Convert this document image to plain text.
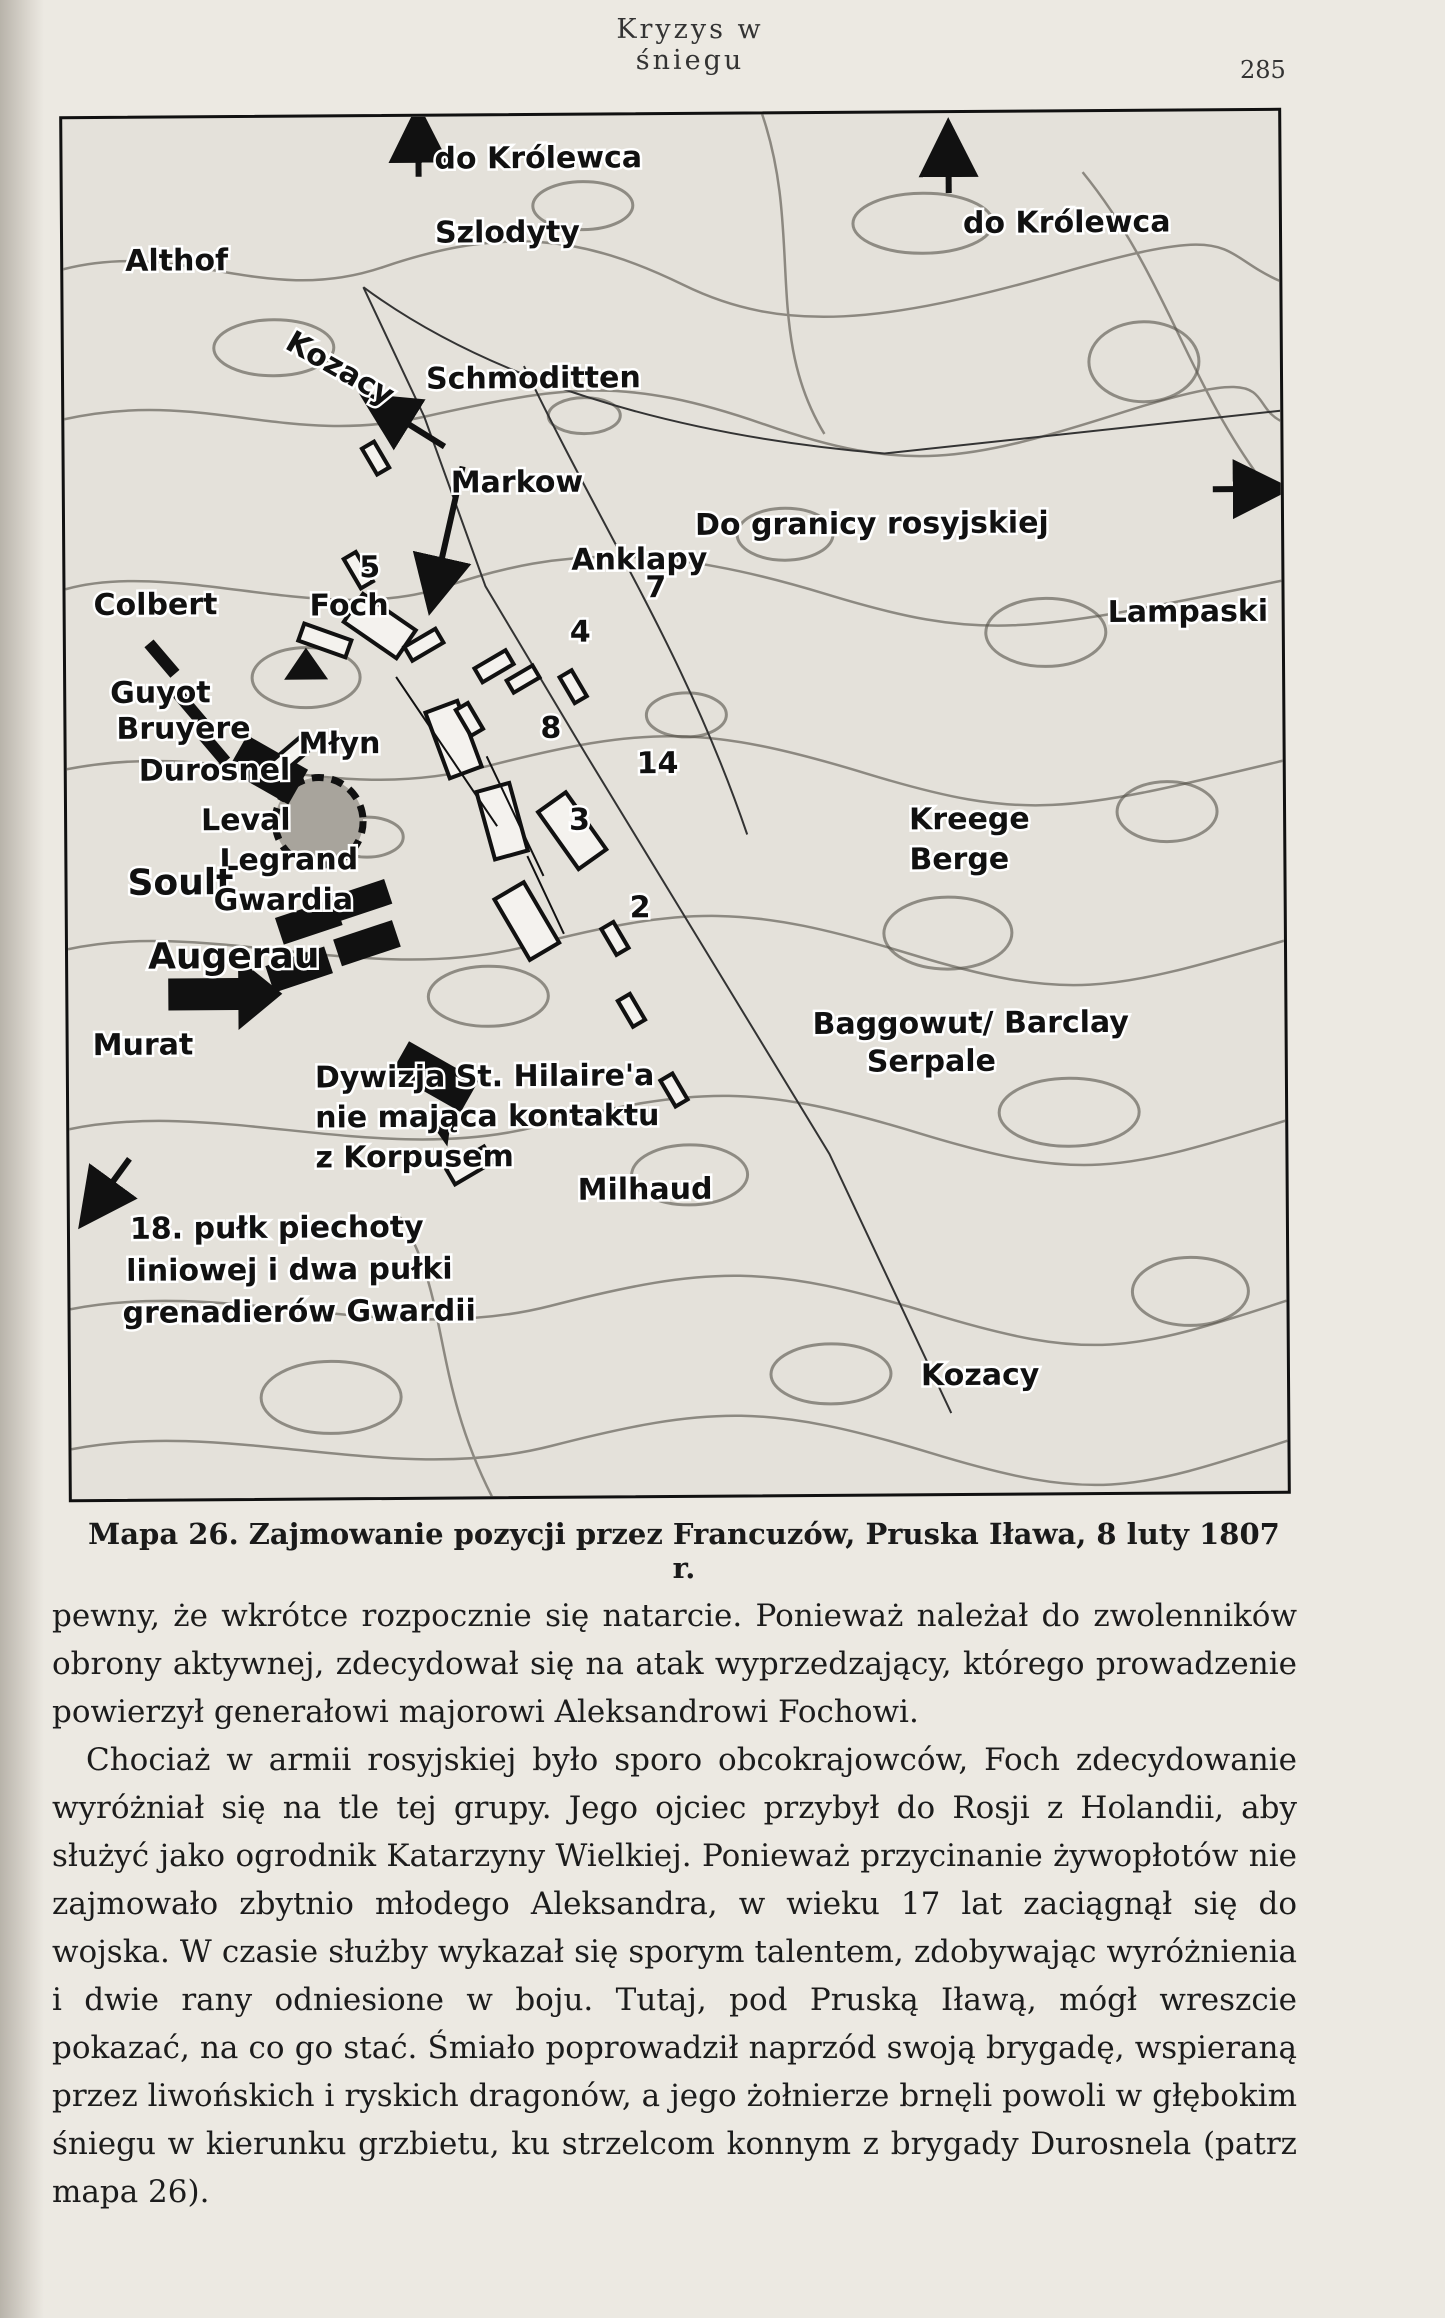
Kryzys w śniegu	285
do Królewca
do Królewca
Szlodyty
Althof
Kozacy Schmoditten
Markow
Do granicy rosyjskiej
Anklapy
Lampaski
Colbert	Foch
Guyot
Bruyere
Durosnel
Młyn
Leval
Legrand
Soult
Gwardia
Augerau
Murat
Kreege
Berge
Baggowut/ Barclay
Serpale
Dywizja St. Hilaire'a
nie mająca kontaktu
z Korpusem
Milhaud
18. pułk piechoty
liniowej i dwa pułki
grenadierów Gwardii
Kozacy
5
7
4
8
14
3
2
Mapa 26. Zajmowanie pozycji przez Francuzów, Pruska Iława, 8 luty 1807 r.

pewny, że wkrótce rozpocznie się natarcie. Ponieważ należał do zwolenników obrony aktywnej, zdecydował się na atak wyprzedzający, którego prowadzenie powierzył generałowi majorowi Aleksandrowi Fochowi.

Chociaż w armii rosyjskiej było sporo obcokrajowców, Foch zdecydowanie wyróżniał się na tle tej grupy. Jego ojciec przybył do Rosji z Holandii, aby służyć jako ogrodnik Katarzyny Wielkiej. Ponieważ przycinanie żywopłotów nie zajmowało zbytnio młodego Aleksandra, w wieku 17 lat zaciągnął się do wojska. W czasie służby wykazał się sporym talentem, zdobywając wyróżnienia i dwie rany odniesione w boju. Tutaj, pod Pruską Iławą, mógł wreszcie pokazać, na co go stać. Śmiało poprowadził naprzód swoją brygadę, wspieraną przez liwońskich i ryskich dragonów, a jego żołnierze brnęli powoli w głębokim śniegu w kierunku grzbietu, ku strzelcom konnym z brygady Durosnela (patrz mapa 26).
